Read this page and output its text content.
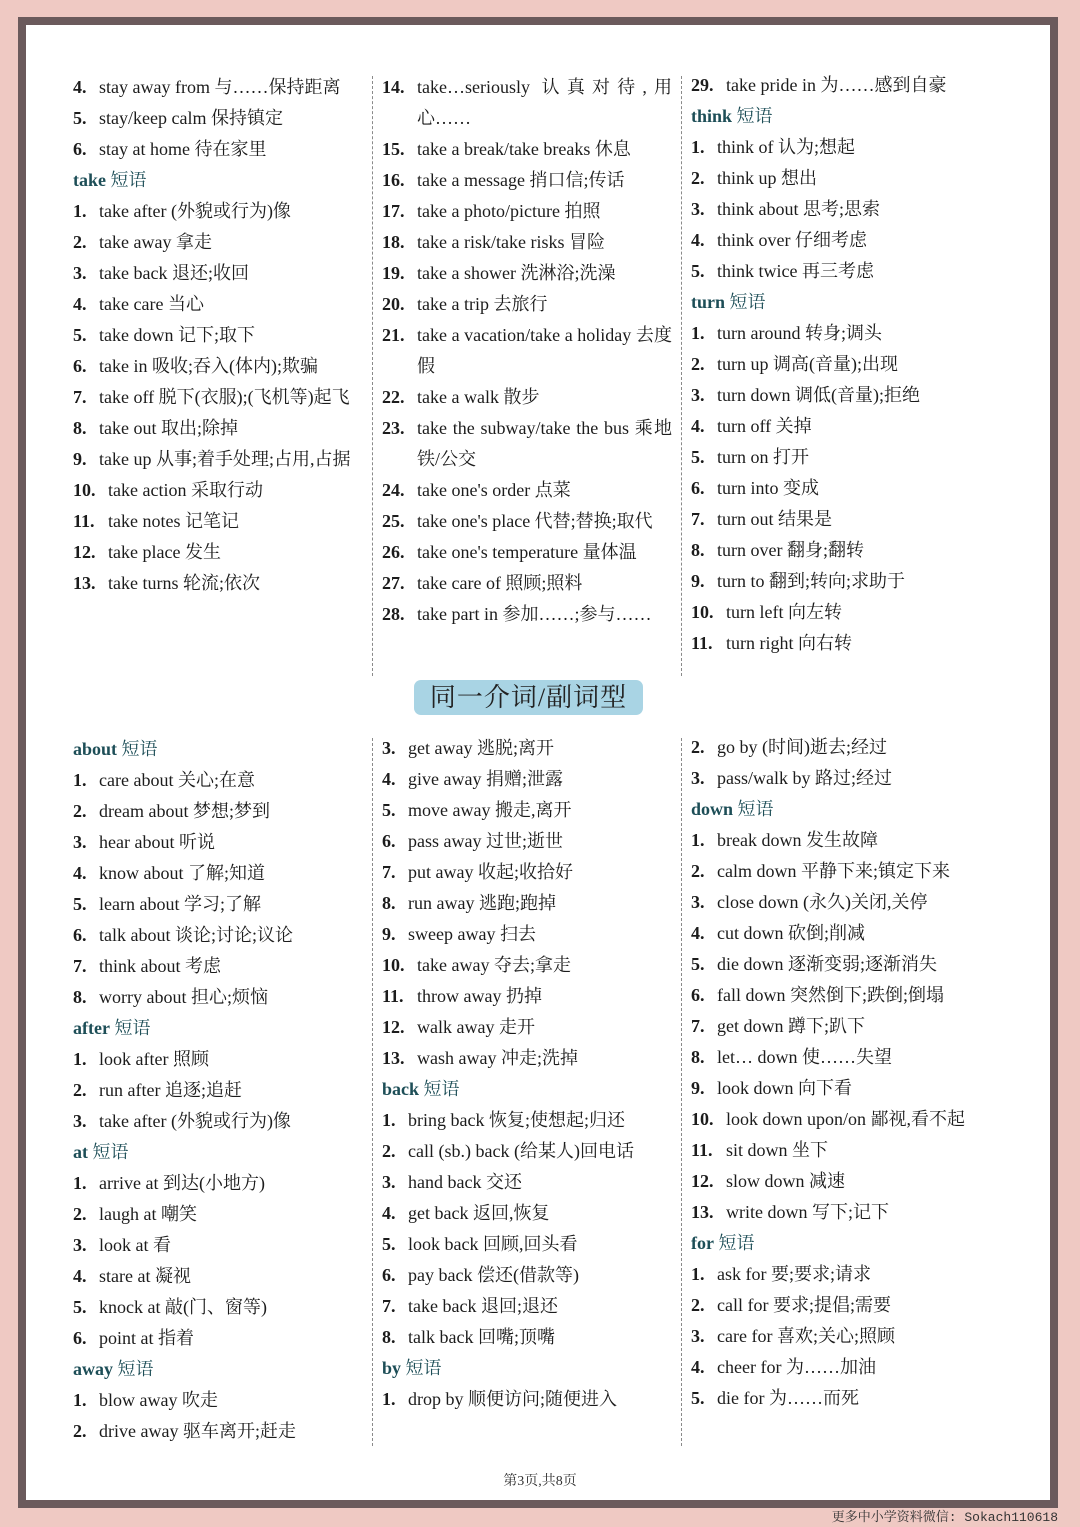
4. stay away from 与……保持距离
5. stay/keep calm 保持镇定
6. stay at home 待在家里
take 短语
1. take after (外貌或行为)像
2. take away 拿走
3. take back 退还;收回
4. take care 当心
5. take down 记下;取下
6. take in 吸收;吞入(体内);欺骗
7. take off 脱下(衣服);(飞机等)起飞
8. take out 取出;除掉
9. take up 从事;着手处理;占用,占据
10. take action 采取行动
11. take notes 记笔记
12. take place 发生
13. take turns 轮流;依次
14. take…seriously 认真对待,用心……
15. take a break/take breaks 休息
16. take a message 捎口信;传话
17. take a photo/picture 拍照
18. take a risk/take risks 冒险
19. take a shower 洗淋浴;洗澡
20. take a trip 去旅行
21. take a vacation/take a holiday 去度假
22. take a walk 散步
23. take the subway/take the bus 乘地铁/公交
24. take one's order 点菜
25. take one's place 代替;替换;取代
26. take one's temperature 量体温
27. take care of 照顾;照料
28. take part in 参加……;参与……
29. take pride in 为……感到自豪
think 短语
1. think of 认为;想起
2. think up 想出
3. think about 思考;思索
4. think over 仔细考虑
5. think twice 再三考虑
turn 短语
1. turn around 转身;调头
2. turn up 调高(音量);出现
3. turn down 调低(音量);拒绝
4. turn off 关掉
5. turn on 打开
6. turn into 变成
7. turn out 结果是
8. turn over 翻身;翻转
9. turn to 翻到;转向;求助于
10. turn left 向左转
11. turn right 向右转
同一介词/副词型
about 短语
1. care about 关心;在意
2. dream about 梦想;梦到
3. hear about 听说
4. know about 了解;知道
5. learn about 学习;了解
6. talk about 谈论;讨论;议论
7. think about 考虑
8. worry about 担心;烦恼
after 短语
1. look after 照顾
2. run after 追逐;追赶
3. take after (外貌或行为)像
at 短语
1. arrive at 到达(小地方)
2. laugh at 嘲笑
3. look at 看
4. stare at 凝视
5. knock at 敲(门、窗等)
6. point at 指着
away 短语
1. blow away 吹走
2. drive away 驱车离开;赶走
3. get away 逃脱;离开
4. give away 捐赠;泄露
5. move away 搬走,离开
6. pass away 过世;逝世
7. put away 收起;收拾好
8. run away 逃跑;跑掉
9. sweep away 扫去
10. take away 夺去;拿走
11. throw away 扔掉
12. walk away 走开
13. wash away 冲走;洗掉
back 短语
1. bring back 恢复;使想起;归还
2. call (sb.) back (给某人)回电话
3. hand back 交还
4. get back 返回,恢复
5. look back 回顾,回头看
6. pay back 偿还(借款等)
7. take back 退回;退还
8. talk back 回嘴;顶嘴
by 短语
1. drop by 顺便访问;随便进入
2. go by (时间)逝去;经过
3. pass/walk by 路过;经过
down 短语
1. break down 发生故障
2. calm down 平静下来;镇定下来
3. close down (永久)关闭,关停
4. cut down 砍倒;削减
5. die down 逐渐变弱;逐渐消失
6. fall down 突然倒下;跌倒;倒塌
7. get down 蹲下;趴下
8. let… down 使……失望
9. look down 向下看
10. look down upon/on 鄙视,看不起
11. sit down 坐下
12. slow down 减速
13. write down 写下;记下
for 短语
1. ask for 要;要求;请求
2. call for 要求;提倡;需要
3. care for 喜欢;关心;照顾
4. cheer for 为……加油
5. die for 为……而死
第3页,共8页
更多中小学资料微信: Sokach110618
